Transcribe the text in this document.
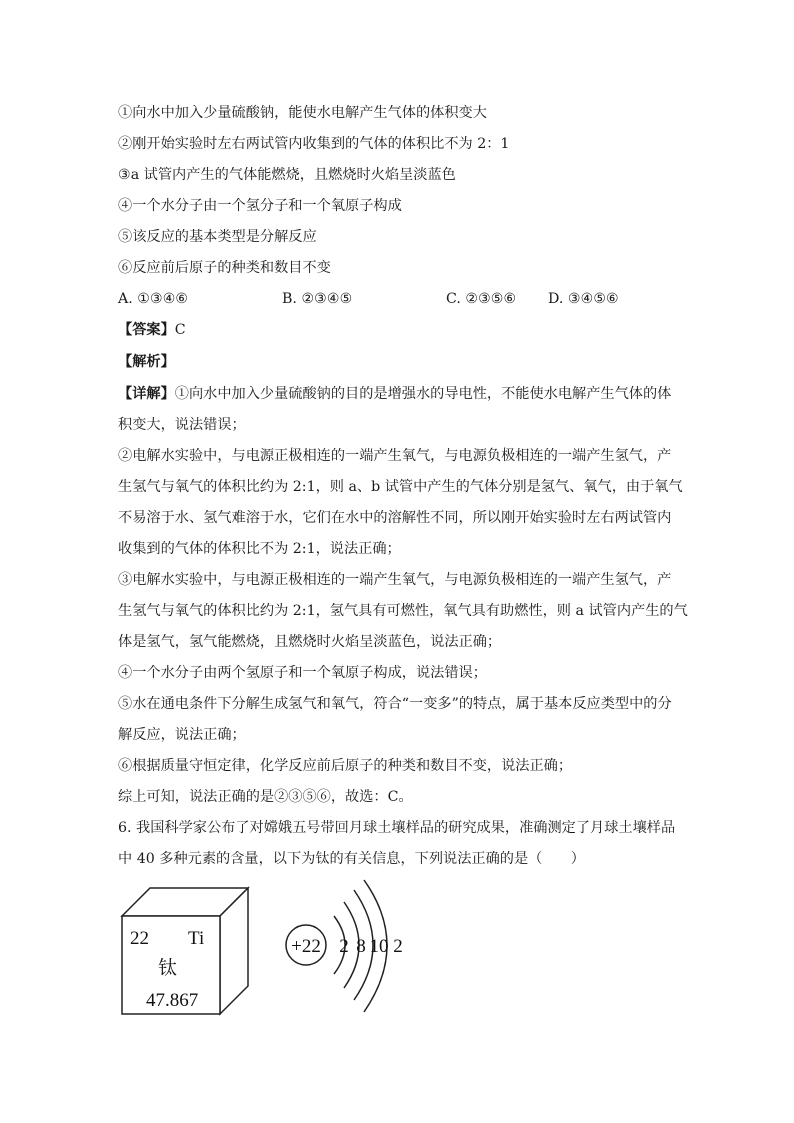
①向水中加入少量硫酸钠，能使水电解产生气体的体积变大
②刚开始实验时左右两试管内收集到的气体的体积比不为 2：1
③a 试管内产生的气体能燃烧，且燃烧时火焰呈淡蓝色
④一个水分子由一个氢分子和一个氧原子构成
⑤该反应的基本类型是分解反应
⑥反应前后原子的种类和数目不变
A. ①③④⑥	B. ②③④⑤	C. ②③⑤⑥ D. ③④⑤⑥
【答案】C
【解析】
【详解】①向水中加入少量硫酸钠的目的是增强水的导电性，不能使水电解产生气体的体
积变大，说法错误；
②电解水实验中，与电源正极相连的一端产生氧气，与电源负极相连的一端产生氢气，产
生氢气与氧气的体积比约为 2:1，则 a、b 试管中产生的气体分别是氢气、氧气，由于氧气
不易溶于水、氢气难溶于水，它们在水中的溶解性不同，所以刚开始实验时左右两试管内
收集到的气体的体积比不为 2:1，说法正确；
③电解水实验中，与电源正极相连的一端产生氧气，与电源负极相连的一端产生氢气，产
生氢气与氧气的体积比约为 2:1，氢气具有可燃性，氧气具有助燃性，则 a 试管内产生的气
体是氢气，氢气能燃烧，且燃烧时火焰呈淡蓝色，说法正确；
④一个水分子由两个氢原子和一个氧原子构成，说法错误；
⑤水在通电条件下分解生成氢气和氧气，符合“一变多”的特点，属于基本反应类型中的分
解反应，说法正确；
⑥根据质量守恒定律，化学反应前后原子的种类和数目不变，说法正确；
综上可知，说法正确的是②③⑤⑥，故选：C。
6. 我国科学家公布了对嫦娥五号带回月球土壤样品的研究成果，准确测定了月球土壤样品
中 40 多种元素的含量，以下为钛的有关信息，下列说法正确的是（　　）
22 Ti
钛
47.867
+22 2 8 10 2
